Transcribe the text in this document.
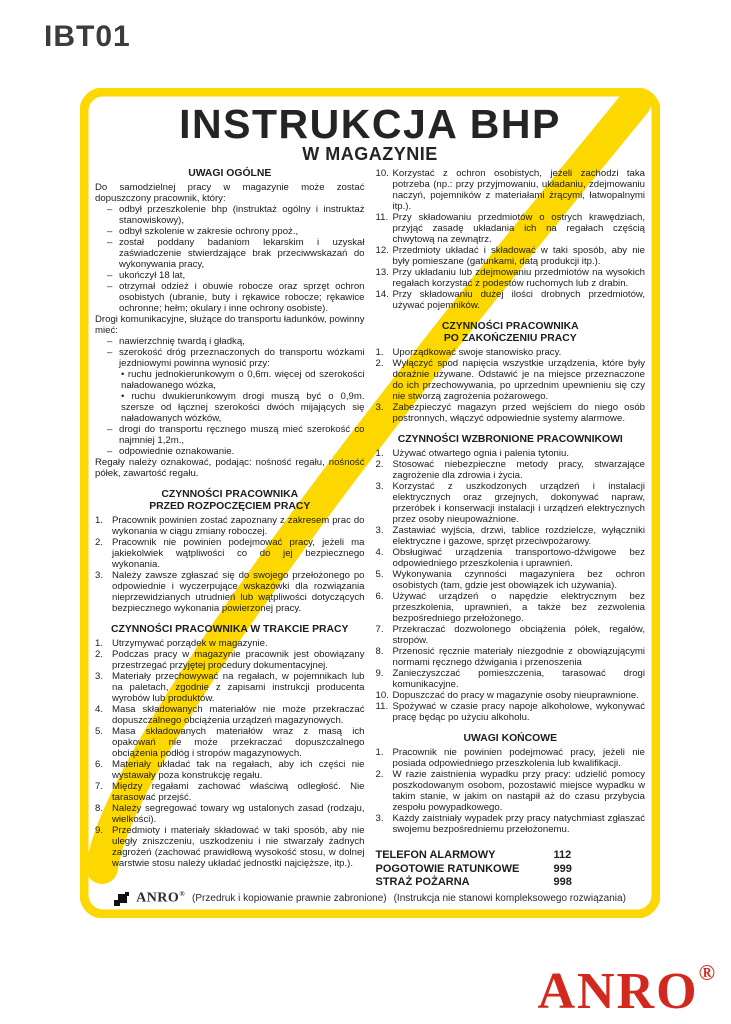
IBT01
INSTRUKCJA BHP
W MAGAZYNIE
UWAGI OGÓLNE
Do samodzielnej pracy w magazynie może zostać dopuszczony pracownik, który:
– odbył przeszkolenie bhp (instruktaż ogólny i instruktaż stanowiskowy),
– odbył szkolenie w zakresie ochrony ppoż.,
– został poddany badaniom lekarskim i uzyskał zaświadczenie stwierdzające brak przeciwwskazań do wykonywania pracy,
– ukończył 18 lat,
– otrzymał odzież i obuwie robocze oraz sprzęt ochron osobistych (ubranie, buty i rękawice robocze; rękawice ochronne; hełm; okulary i inne ochrony osobiste).
Drogi komunikacyjne, służące do transportu ładunków, powinny mieć:
– nawierzchnię twardą i gładką,
– szerokość dróg przeznaczonych do transportu wózkami jezdniowymi powinna wynosić przy:
• ruchu jednokierunkowym o 0,6m. więcej od szerokości naładowanego wózka,
• ruchu dwukierunkowym drogi muszą być o 0,9m. szersze od łącznej szerokości dwóch mijających się naładowanych wózków,
– drogi do transportu ręcznego muszą mieć szerokość co najmniej 1,2m.,
– odpowiednie oznakowanie.
Regały należy oznakować, podając: nośność regału, nośność półek, zawartość regału.
CZYNNOŚCI PRACOWNIKA
PRZED ROZPOCZĘCIEM PRACY
1. Pracownik powinien zostać zapoznany z zakresem prac do wykonania w ciągu zmiany roboczej.
2. Pracownik nie powinien podejmować pracy, jeżeli ma jakiekolwiek wątpliwości co do jej bezpiecznego wykonania.
3. Należy zawsze zgłaszać się do swojego przełożonego po odpowiednie i wyczerpujące wskazówki dla rozwiązania nieprzewidzianych utrudnień lub wątpliwości dotyczących bezpiecznego wykonania powierzonej pracy.
CZYNNOŚCI PRACOWNIKA W TRAKCIE PRACY
1. Utrzymywać porządek w magazynie.
2. Podczas pracy w magazynie pracownik jest obowiązany przestrzegać przyjętej procedury dokumentacyjnej.
3. Materiały przechowywać na regałach, w pojemnikach lub na paletach, zgodnie z zapisami instrukcji producenta wyrobów lub produktów.
4. Masa składowanych materiałów nie może przekraczać dopuszczalnego obciążenia urządzeń magazynowych.
5. Masa składowanych materiałów wraz z masą ich opakowań nie może przekraczać dopuszczalnego obciążenia podłóg i stropów magazynowych.
6. Materiały układać tak na regałach, aby ich części nie wystawały poza konstrukcję regału.
7. Między regałami zachować właściwą odległość. Nie tarasować przejść.
8. Należy segregować towary wg ustalonych zasad (rodzaju, wielkości).
9. Przedmioty i materiały składować w taki sposób, aby nie uległy zniszczeniu, uszkodzeniu i nie stwarzały żadnych zagrożeń (zachować prawidłową wysokość stosu, w dolnej warstwie stosu należy układać jednostki najcięższe, itp.).
10. Korzystać z ochron osobistych, jeżeli zachodzi taka potrzeba (np.: przy przyjmowaniu, układaniu, zdejmowaniu naczyń, pojemników z materiałami żrącymi, łatwopalnymi itp.).
11. Przy składowaniu przedmiotów o ostrych krawędziach, przyjąć zasadę układania ich na regałach częścią chwytową na zewnątrz.
12. Przedmioty układać i składować w taki sposób, aby nie były pomieszane (gatunkami, datą produkcji itp.).
13. Przy układaniu lub zdejmowaniu przedmiotów na wysokich regałach korzystać z podestów ruchomych lub z drabin.
14. Przy składowaniu dużej ilości drobnych przedmiotów, używać pojemników.
CZYNNOŚCI PRACOWNIKA
PO ZAKOŃCZENIU PRACY
1. Uporządkować swoje stanowisko pracy.
2. Wyłączyć spod napięcia wszystkie urządzenia, które były doraźnie używane. Odstawić je na miejsce przeznaczone do ich przechowywania, po uprzednim upewnieniu się czy nie stworzą zagrożenia pożarowego.
3. Zabezpieczyć magazyn przed wejściem do niego osób postronnych, włączyć odpowiednie systemy alarmowe.
CZYNNOŚCI WZBRONIONE PRACOWNIKOWI
1. Używać otwartego ognia i palenia tytoniu.
2. Stosować niebezpieczne metody pracy, stwarzające zagrożenie dla zdrowia i życia.
3. Korzystać z uszkodzonych urządzeń i instalacji elektrycznych oraz grzejnych, dokonywać napraw, przeróbek i konserwacji instalacji i urządzeń elektrycznych przez osoby nieupoważnione.
3. Zastawiać wyjścia, drzwi, tablice rozdzielcze, wyłączniki elektryczne i gazowe, sprzęt przeciwpożarowy.
4. Obsługiwać urządzenia transportowo-dźwigowe bez odpowiedniego przeszkolenia i uprawnień.
5. Wykonywania czynności magazyniera bez ochron osobistych (tam, gdzie jest obowiązek ich używania).
6. Używać urządzeń o napędzie elektrycznym bez przeszkolenia, uprawnień, a także bez zezwolenia bezpośredniego przełożonego.
7. Przekraczać dozwolonego obciążenia półek, regałów, stropów.
8. Przenosić ręcznie materiały niezgodnie z obowiązującymi normami ręcznego dźwigania i przenoszenia
9. Zanieczyszczać pomieszczenia, tarasować drogi komunikacyjne.
10. Dopuszczać do pracy w magazynie osoby nieuprawnione.
11. Spożywać w czasie pracy napoje alkoholowe, wykonywać pracę będąc po użyciu alkoholu.
UWAGI KOŃCOWE
1. Pracownik nie powinien podejmować pracy, jeżeli nie posiada odpowiedniego przeszkolenia lub kwalifikacji.
2. W razie zaistnienia wypadku przy pracy: udzielić pomocy poszkodowanym osobom, pozostawić miejsce wypadku w takim stanie, w jakim on nastąpił aż do czasu przybycia zespołu powypadkowego.
3. Każdy zaistniały wypadek przy pracy natychmiast zgłaszać swojemu bezpośredniemu przełożonemu.
TELEFON ALARMOWY	112
POGOTOWIE RATUNKOWE	999
STRAŻ POŻARNA	998
ANRO® (Przedruk i kopiowanie prawnie zabronione) (Instrukcja nie stanowi kompleksowego rozwiązania)
ANRO®
